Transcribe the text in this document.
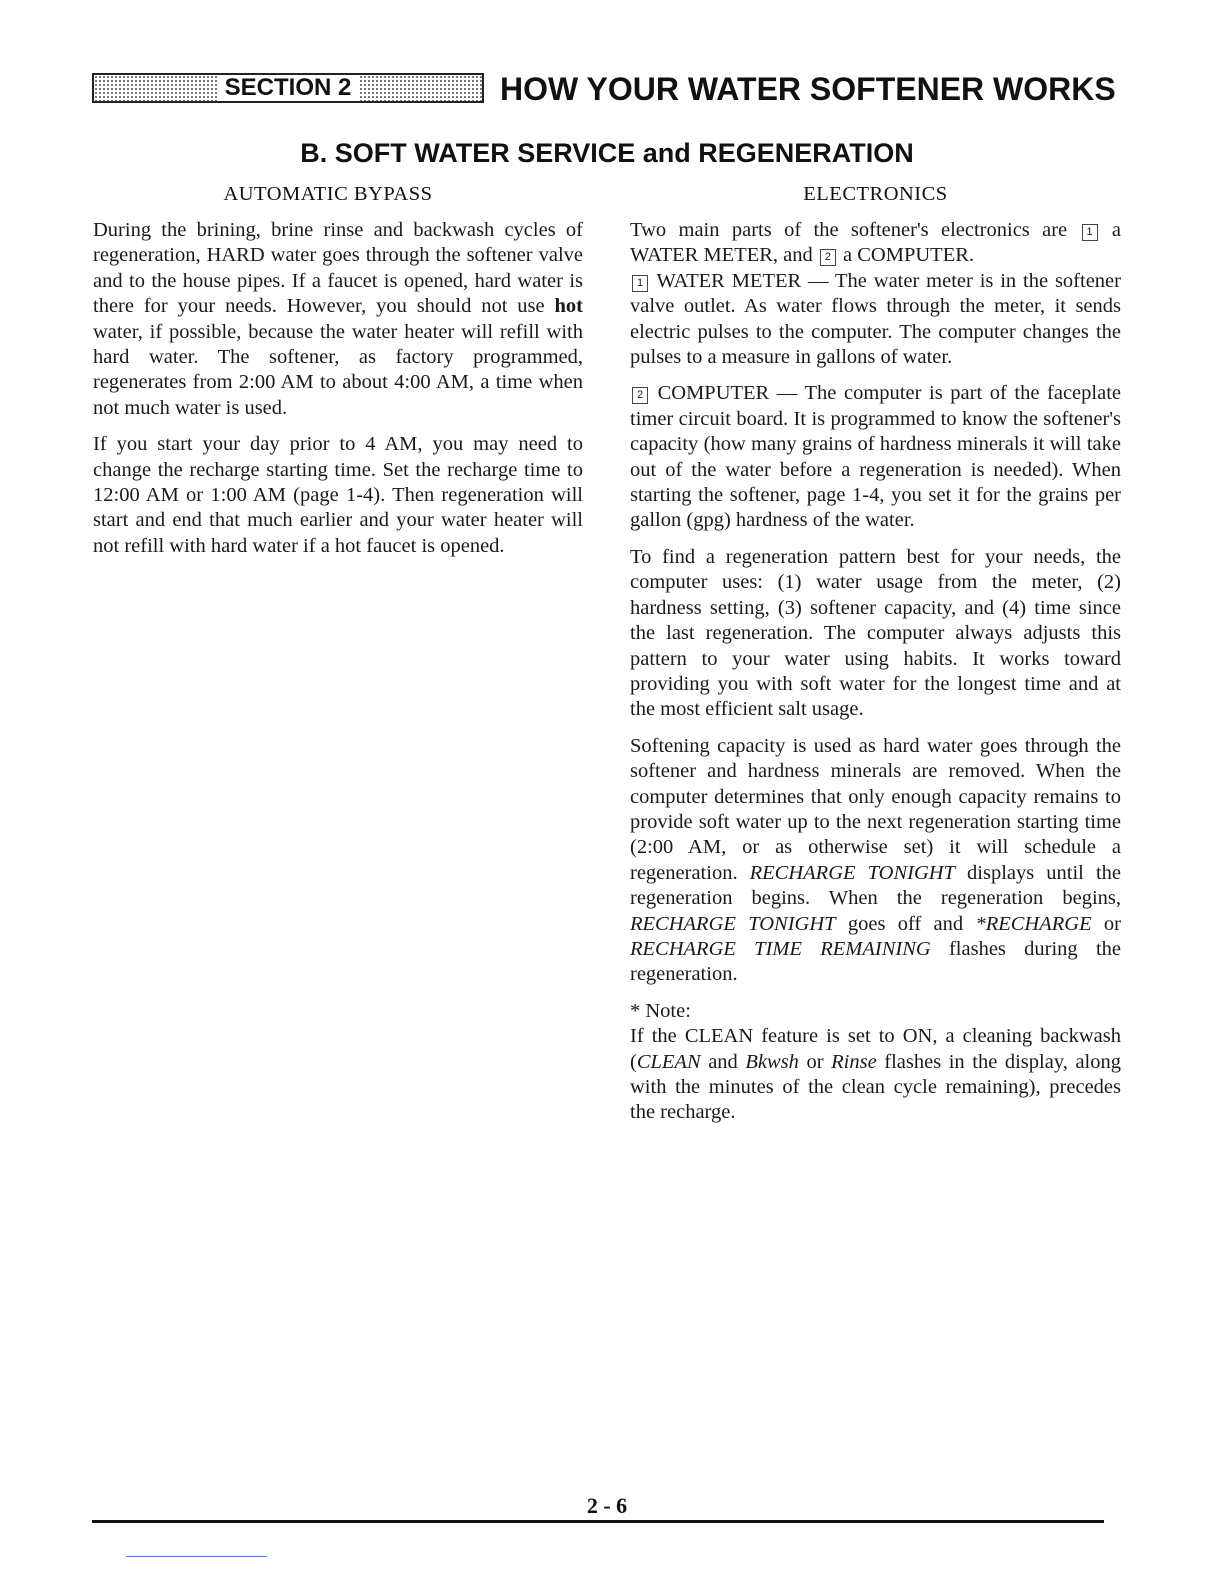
SECTION 2	HOW YOUR WATER SOFTENER WORKS
B. SOFT WATER SERVICE and REGENERATION
AUTOMATIC BYPASS

During the brining, brine rinse and backwash cycles of regeneration, HARD water goes through the softener valve and to the house pipes. If a faucet is opened, hard water is there for your needs. However, you should not use hot water, if possible, because the water heater will refill with hard water. The softener, as factory programmed, regenerates from 2:00 AM to about 4:00 AM, a time when not much water is used.

If you start your day prior to 4 AM, you may need to change the recharge starting time. Set the recharge time to 12:00 AM or 1:00 AM (page 1-4). Then regeneration will start and end that much earlier and your water heater will not refill with hard water if a hot faucet is opened.

ELECTRONICS

Two main parts of the softener's electronics are 1 a WATER METER, and 2 a COMPUTER.

1 WATER METER — The water meter is in the softener valve outlet. As water flows through the meter, it sends electric pulses to the computer. The computer changes the pulses to a measure in gallons of water.

2 COMPUTER — The computer is part of the faceplate timer circuit board. It is programmed to know the softener's capacity (how many grains of hardness minerals it will take out of the water before a regeneration is needed). When starting the softener, page 1-4, you set it for the grains per gallon (gpg) hardness of the water.

To find a regeneration pattern best for your needs, the computer uses: (1) water usage from the meter, (2) hardness setting, (3) softener capacity, and (4) time since the last regeneration. The computer always adjusts this pattern to your water using habits. It works toward providing you with soft water for the longest time and at the most efficient salt usage.

Softening capacity is used as hard water goes through the softener and hardness minerals are removed. When the computer determines that only enough capacity remains to provide soft water up to the next regeneration starting time (2:00 AM, or as otherwise set) it will schedule a regeneration. RECHARGE TONIGHT displays until the regeneration begins. When the regeneration begins, RECHARGE TONIGHT goes off and *RECHARGE or RECHARGE TIME REMAINING flashes during the regeneration.

* Note:

If the CLEAN feature is set to ON, a cleaning backwash (CLEAN and Bkwsh or Rinse flashes in the display, along with the minutes of the clean cycle remaining), precedes the recharge.

2 - 6
